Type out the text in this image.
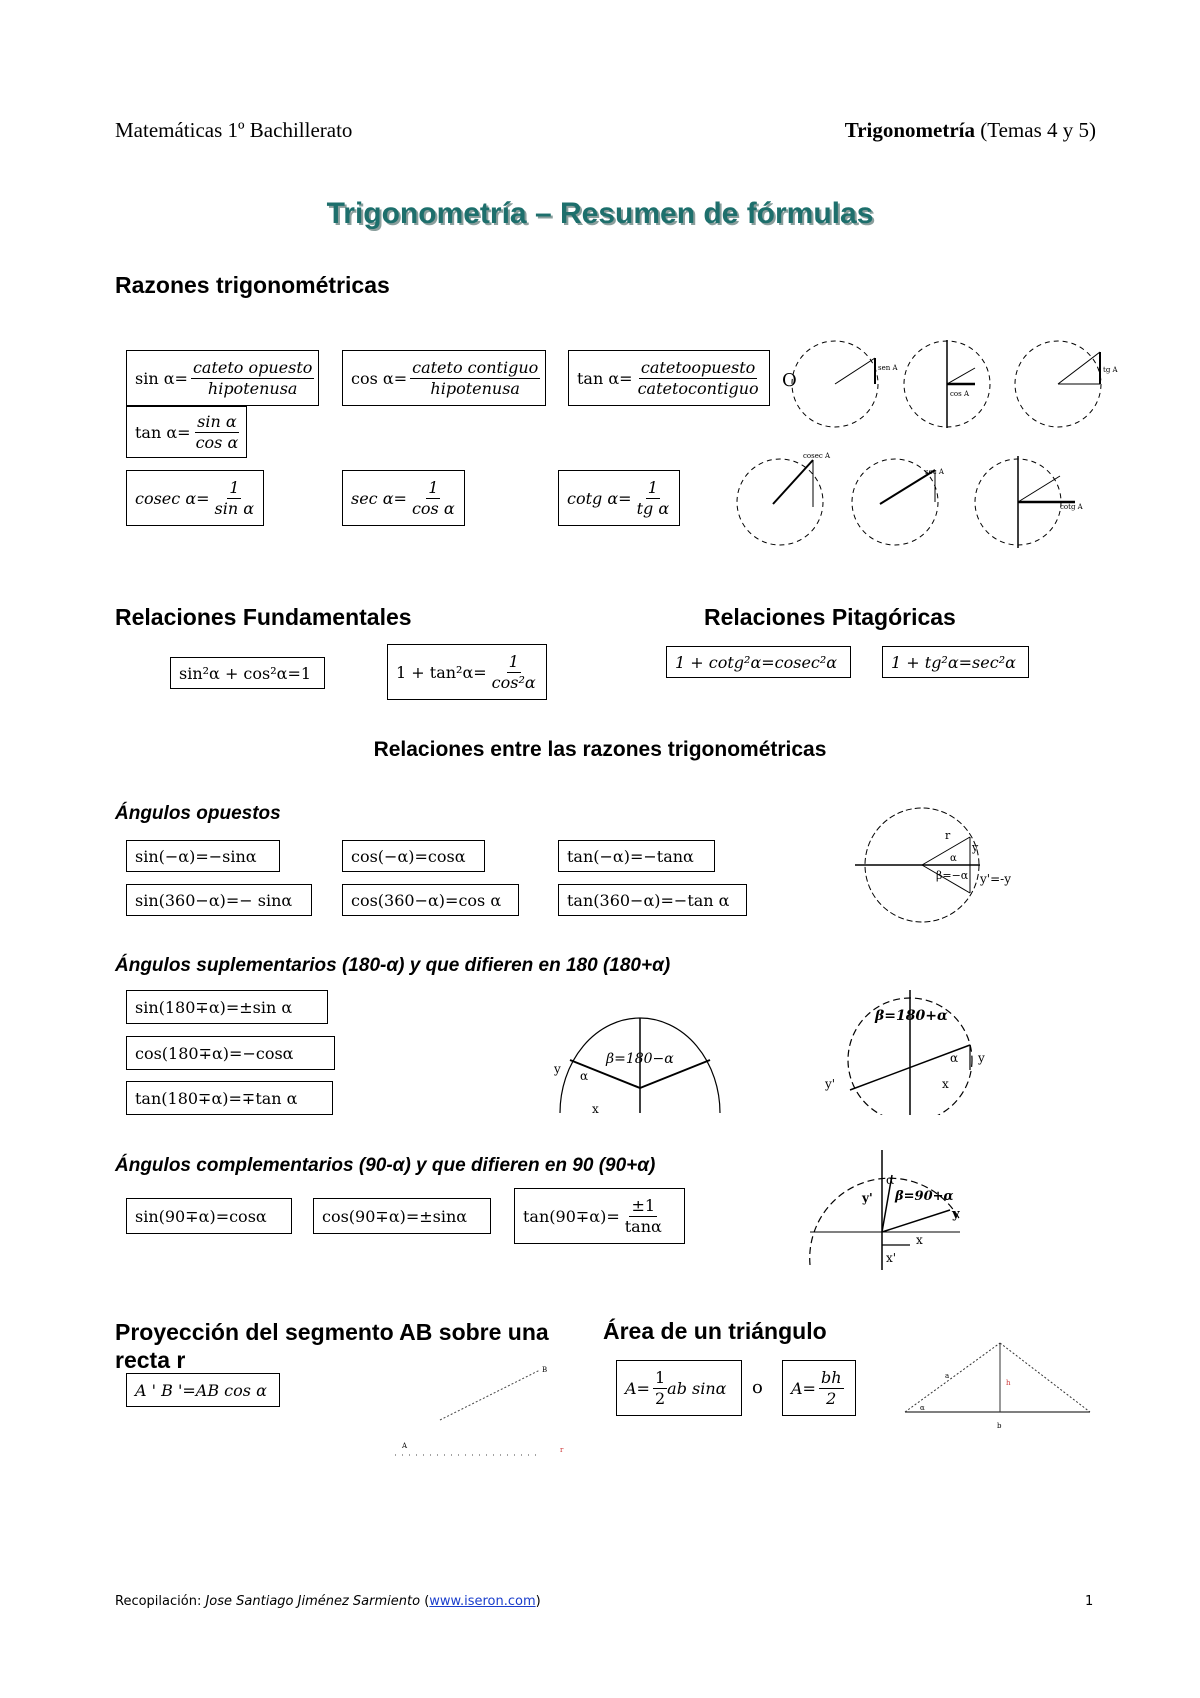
Matemáticas 1º Bachillerato	Trigonometría (Temas 4 y 5)
Trigonometría – Resumen de fórmulas
Razones trigonométricas
$\sin \alpha= \frac{\text{cateto opuesto}}{\text{hipotenusa}}$ $\cos \alpha= \frac{\text{cateto contiguo}}{\text{hipotenusa}}$ $\tan \alpha= \frac{\text{catetoopuesto}}{\text{catetocontiguo}}$ O
$\tan \alpha= \frac{\text{sin α}}{\text{cos α}}$
cosec $\alpha= \frac{1}{\text{sin α}}$	$\sec \alpha= \frac{1}{\text{cos α}}$	cotg $\alpha= \frac{1}{\text{tg α}}$
sen A
cos A
tg A
cosec A
sec A
cotg A
Relaciones Fundamentales	Relaciones Pitagóricas
sin²α + cos²α=1	$1 + \tan^2\alpha= \frac{1}{\text{cos²α}}$	1 + cotg²α=cosec²α	1 + tg²α=sec²α
Relaciones entre las razones trigonométricas
Ángulos opuestos
sin(−α)=−sinα	cos(−α)=cosα	tan(−α)=−tanα
sin(360−α)=− sinα	cos(360−α)=cos α	tan(360−α)=−tan α
r
y
α
β=−α y'=-y
Ángulos suplementarios (180-α) y que difieren en 180 (180+α)
sin(180∓α)=±sin α
cos(180∓α)=−cosα
tan(180∓α)=∓tan α
β=180−α
α
y
x
β=180+α
α y
y'	x
Ángulos complementarios (90-α) y que difieren en 90 (90+α)
sin(90∓α)=cosα	cos(90∓α)=±sinα	$\tan(90\mp\alpha)= \frac{\pm 1}{\tan\alpha}$
α
β=90+α
y'
y
x
x'
Proyección del segmento AB sobre una recta r
A ' B '=AB cos α
B
A	r
Área de un triángulo
$A= \frac{1}{2}$ ab sinα o $A= \frac{bh}{2}$	a
b
h
α
Recopilación: Jose Santiago Jiménez Sarmiento (www.iseron.com)	1
